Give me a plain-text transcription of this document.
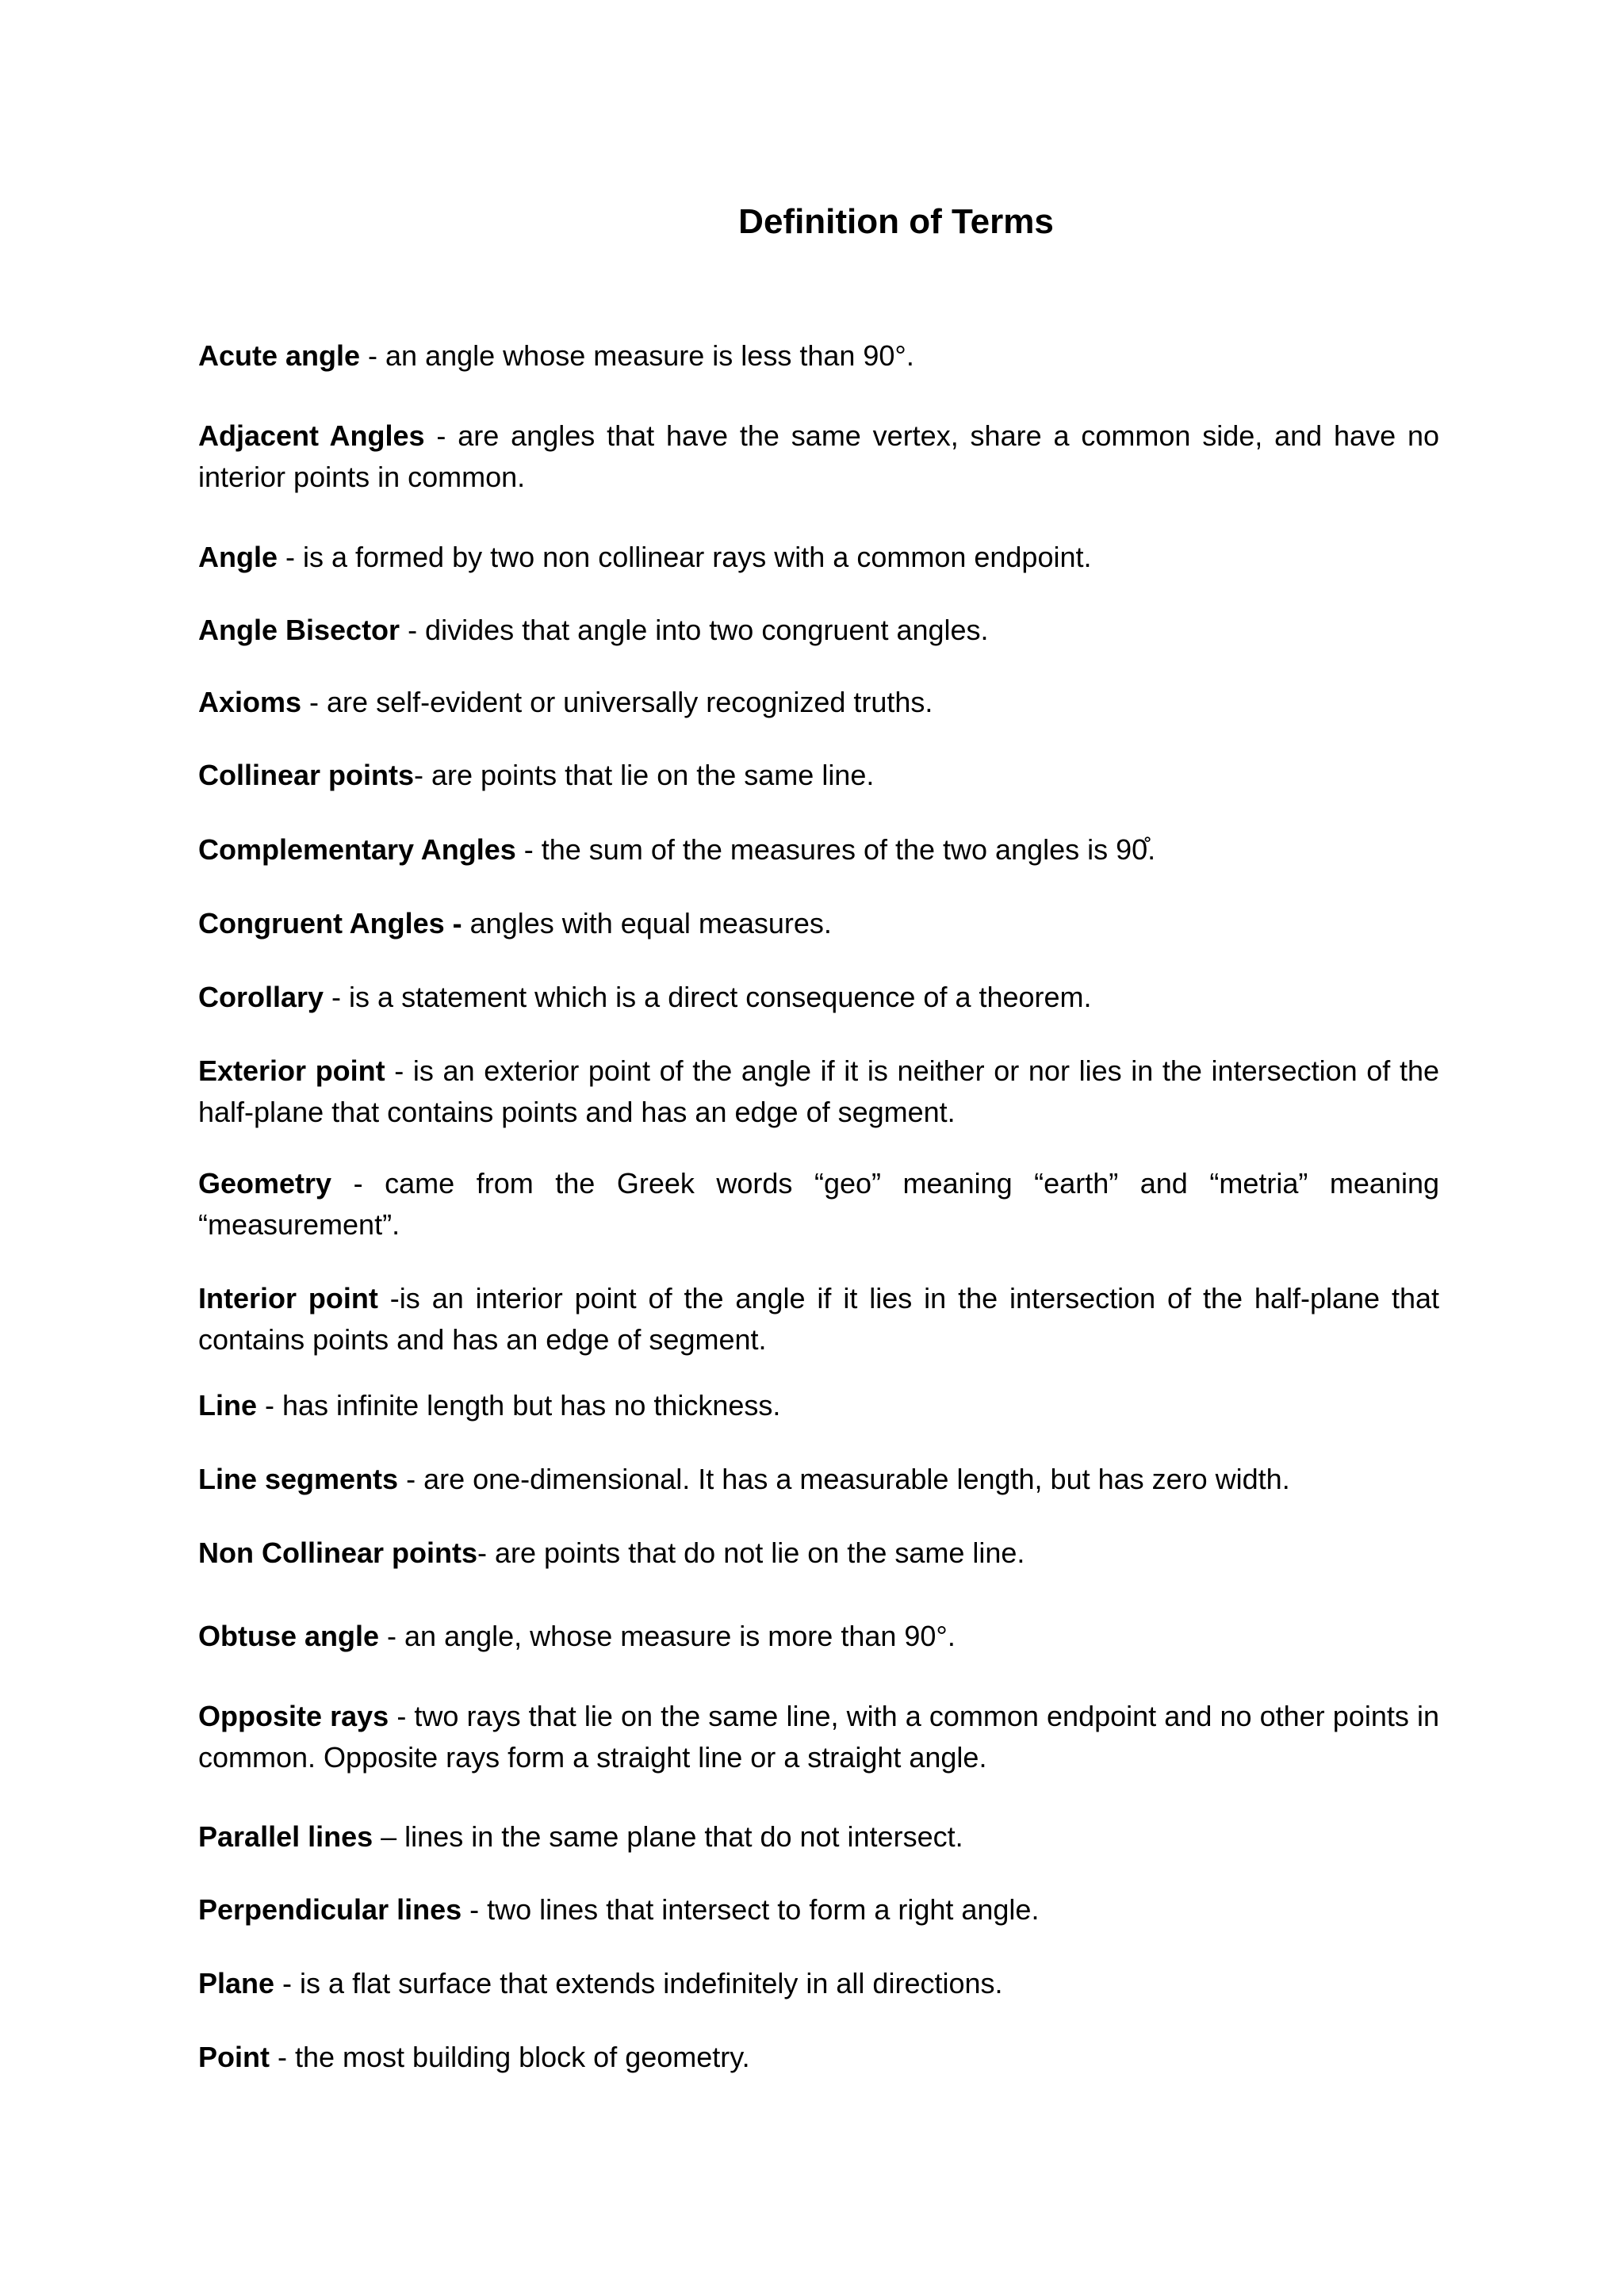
Definition of Terms
Acute angle - an angle whose measure is less than 90°.
Adjacent Angles - are angles that have the same vertex, share a common side, and have no interior points in common.
Angle - is a formed by two non collinear rays with a common endpoint.
Angle Bisector - divides that angle into two congruent angles.
Axioms - are self-evident or universally recognized truths.
Collinear points- are points that lie on the same line.
Complementary Angles - the sum of the measures of the two angles is 90̊.
Congruent Angles - angles with equal measures.
Corollary - is a statement which is a direct consequence of a theorem.
Exterior point - is an exterior point of the angle if it is neither or nor lies in the intersection of the half-plane that contains points and has an edge of segment.
Geometry - came from the Greek words “geo” meaning “earth” and “metria” meaning “measurement”.
Interior point -is an interior point of the angle if it lies in the intersection of the half-plane that contains points and has an edge of segment.
Line - has infinite length but has no thickness.
Line segments - are one-dimensional. It has a measurable length, but has zero width.
Non Collinear points- are points that do not lie on the same line.
Obtuse angle - an angle, whose measure is more than 90°.
Opposite rays - two rays that lie on the same line, with a common endpoint and no other points in common. Opposite rays form a straight line or a straight angle.
Parallel lines – lines in the same plane that do not intersect.
Perpendicular lines - two lines that intersect to form a right angle.
Plane - is a flat surface that extends indefinitely in all directions.
Point - the most building block of geometry.
